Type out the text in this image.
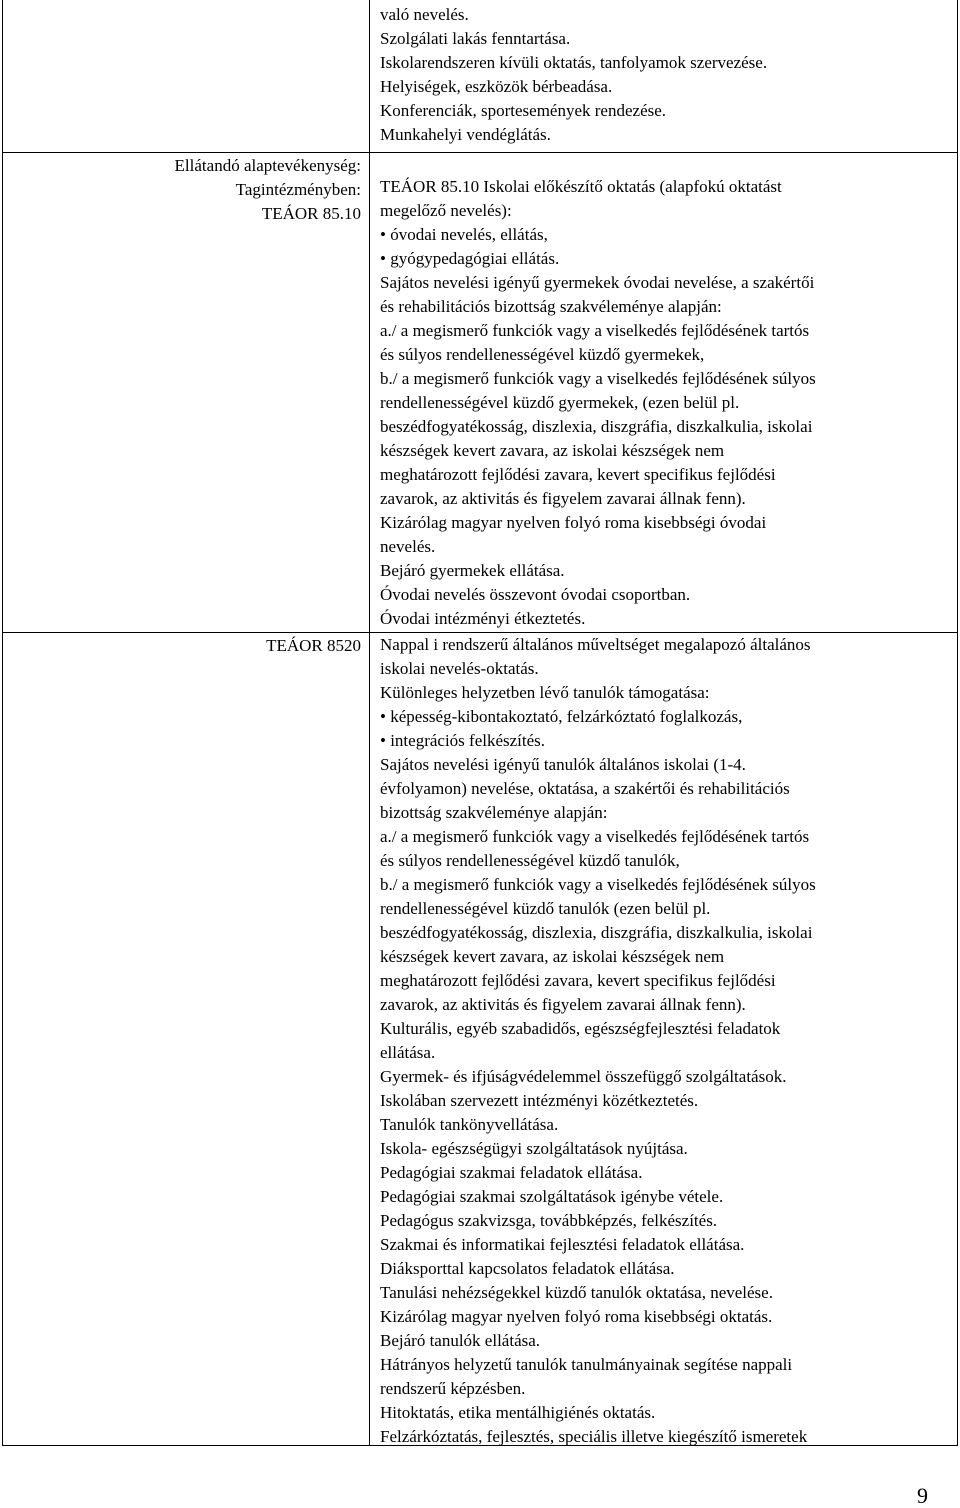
való nevelés.
Szolgálati lakás fenntartása.
Iskolarendszeren kívüli oktatás, tanfolyamok szervezése.
Helyiségek, eszközök bérbeadása.
Konferenciák, sportesemények rendezése.
Munkahelyi vendéglátás.
Ellátandó alaptevékenység:
Tagintézményben:
TEÁOR 85.10
TEÁOR 85.10 Iskolai előkészítő oktatás (alapfokú oktatást
megelőző nevelés):
• óvodai nevelés, ellátás,
• gyógypedagógiai ellátás.
Sajátos nevelési igényű gyermekek óvodai nevelése, a szakértői
és rehabilitációs bizottság szakvéleménye alapján:
a./ a megismerő funkciók vagy a viselkedés fejlődésének tartós
és súlyos rendellenességével küzdő gyermekek,
b./ a megismerő funkciók vagy a viselkedés fejlődésének súlyos
rendellenességével küzdő gyermekek, (ezen belül pl.
beszédfogyatékosság, diszlexia, diszgráfia, diszkalkulia, iskolai
készségek kevert zavara, az iskolai készségek nem
meghatározott fejlődési zavara, kevert specifikus fejlődési
zavarok, az aktivitás és figyelem zavarai állnak fenn).
Kizárólag magyar nyelven folyó roma kisebbségi óvodai
nevelés.
Bejáró gyermekek ellátása.
Óvodai nevelés összevont óvodai csoportban.
Óvodai intézményi étkeztetés.
TEÁOR 8520 Nappal i rendszerű általános műveltséget megalapozó általános
iskolai nevelés-oktatás.
Különleges helyzetben lévő tanulók támogatása:
• képesség-kibontakoztató, felzárkóztató foglalkozás,
• integrációs felkészítés.
Sajátos nevelési igényű tanulók általános iskolai (1-4.
évfolyamon) nevelése, oktatása, a szakértői és rehabilitációs
bizottság szakvéleménye alapján:
a./ a megismerő funkciók vagy a viselkedés fejlődésének tartós
és súlyos rendellenességével küzdő tanulók,
b./ a megismerő funkciók vagy a viselkedés fejlődésének súlyos
rendellenességével küzdő tanulók (ezen belül pl.
beszédfogyatékosság, diszlexia, diszgráfia, diszkalkulia, iskolai
készségek kevert zavara, az iskolai készségek nem
meghatározott fejlődési zavara, kevert specifikus fejlődési
zavarok, az aktivitás és figyelem zavarai állnak fenn).
Kulturális, egyéb szabadidős, egészségfejlesztési feladatok
ellátása.
Gyermek- és ifjúságvédelemmel összefüggő szolgáltatások.
Iskolában szervezett intézményi közétkeztetés.
Tanulók tankönyvellátása.
Iskola- egészségügyi szolgáltatások nyújtása.
Pedagógiai szakmai feladatok ellátása.
Pedagógiai szakmai szolgáltatások igénybe vétele.
Pedagógus szakvizsga, továbbképzés, felkészítés.
Szakmai és informatikai fejlesztési feladatok ellátása.
Diáksporttal kapcsolatos feladatok ellátása.
Tanulási nehézségekkel küzdő tanulók oktatása, nevelése.
Kizárólag magyar nyelven folyó roma kisebbségi oktatás.
Bejáró tanulók ellátása.
Hátrányos helyzetű tanulók tanulmányainak segítése nappali
rendszerű képzésben.
Hitoktatás, etika mentálhigiénés oktatás.
Felzárkóztatás, fejlesztés, speciális illetve kiegészítő ismeretek
9
